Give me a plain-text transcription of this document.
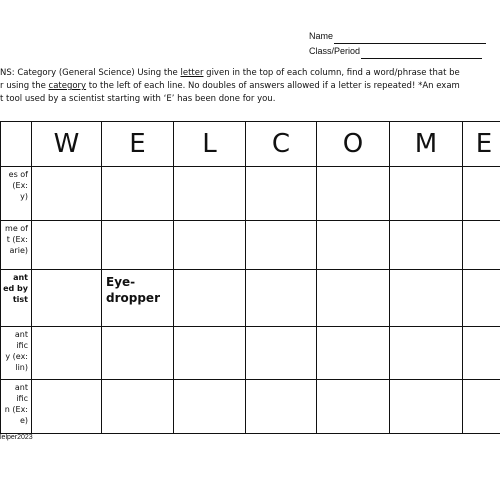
Name
Class/Period
NS: Category (General Science) Using the letter given in the top of each column, find a word/phrase that be
r using the category to the left of each line. No doubles of answers allowed if a letter is repeated! *An exam
t tool used by a scientist starting with ‘E’ has been done for you.

	W	E	L	C	O	M	E

es of
(Ex:
y)							

me of
t (Ex:
arie)							

ant
ed by
tist		Eye-
dropper					

ant
ific
y (ex:
lin)							

ant
ific
n (Ex:
e)							

lelper2023
